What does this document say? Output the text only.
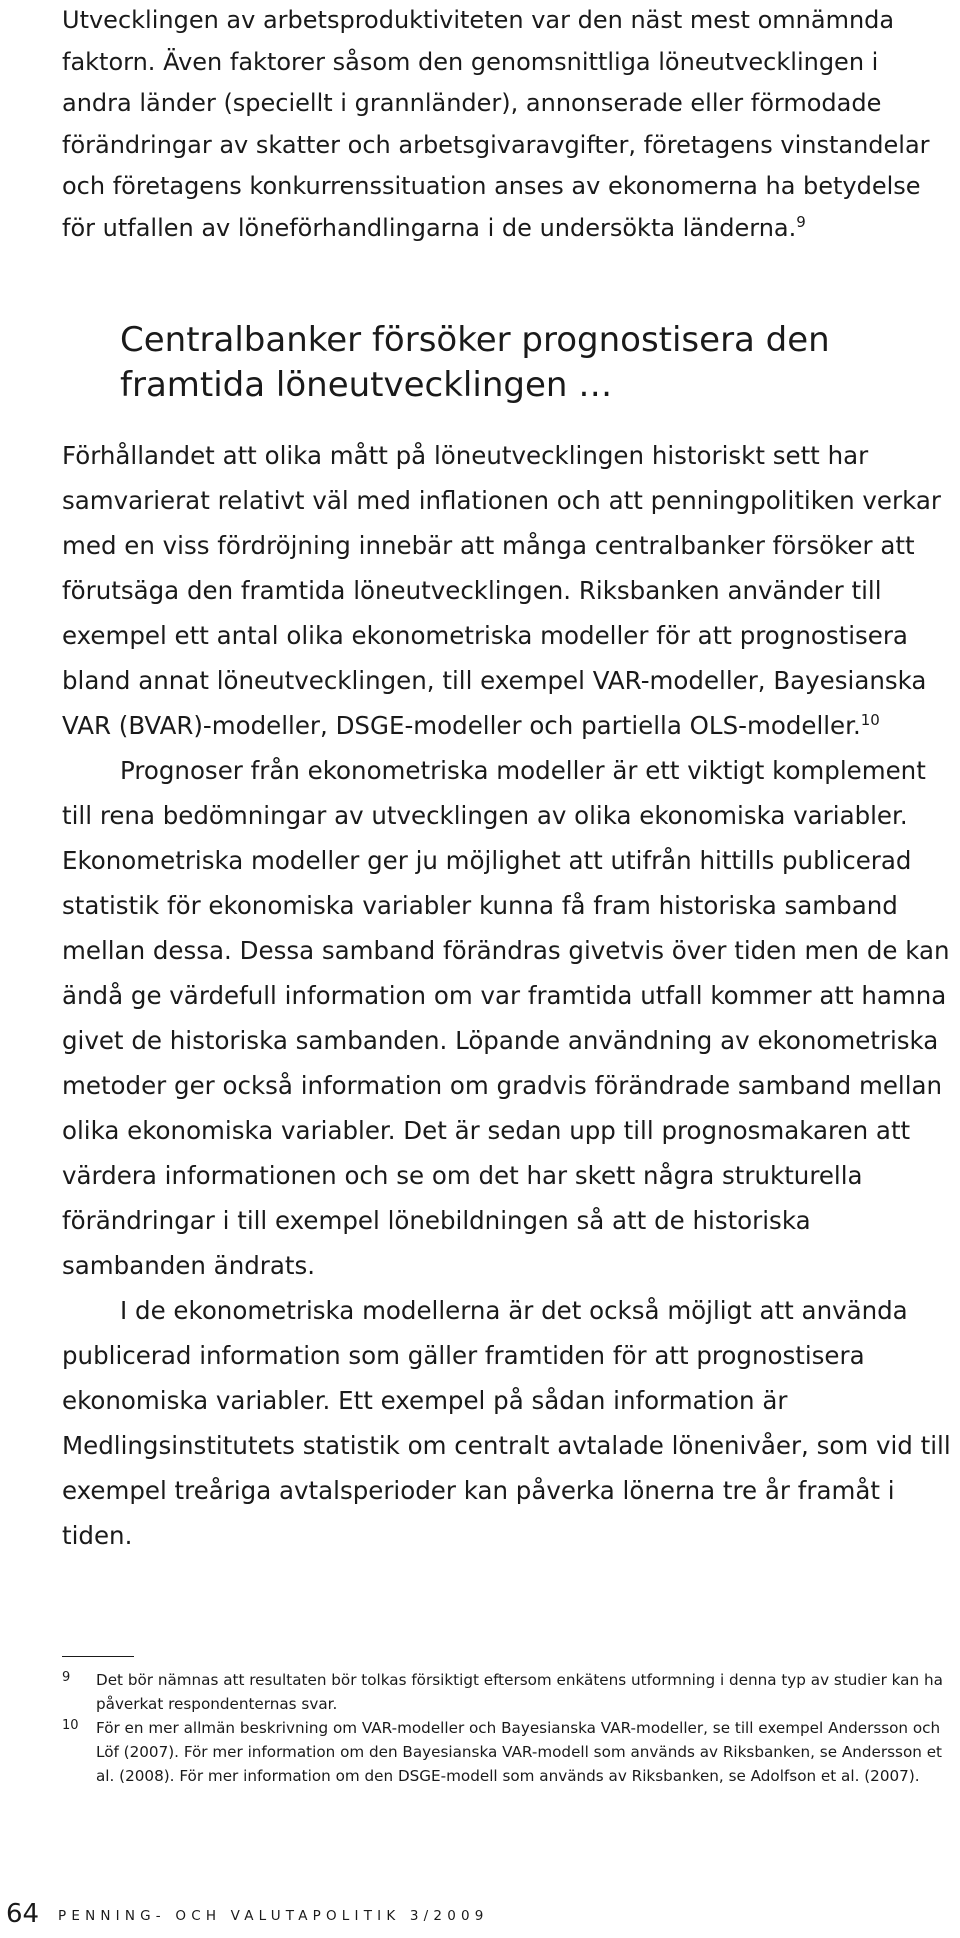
Utvecklingen av arbetsproduktiviteten var den näst mest omnämnda faktorn. Även faktorer såsom den genomsnittliga löneutvecklingen i andra länder (speciellt i grannländer), annonserade eller förmodade förändringar av skatter och arbetsgivaravgifter, företagens vinstandelar och företagens konkurrenssituation anses av ekonomerna ha betydelse för utfallen av löneförhandlingarna i de undersökta länderna.$^9$

Centralbanker försöker prognostisera den framtida löneutvecklingen …

Förhållandet att olika mått på löneutvecklingen historiskt sett har samvarierat relativt väl med inflationen och att penningpolitiken verkar med en viss fördröjning innebär att många centralbanker försöker att förutsäga den framtida löneutvecklingen. Riksbanken använder till exempel ett antal olika ekonometriska modeller för att prognostisera bland annat löneutvecklingen, till exempel VAR-modeller, Bayesianska VAR (BVAR)-modeller, DSGE-modeller och partiella OLS-modeller.$^{10}$

Prognoser från ekonometriska modeller är ett viktigt komplement till rena bedömningar av utvecklingen av olika ekonomiska variabler. Ekonometriska modeller ger ju möjlighet att utifrån hittills publicerad statistik för ekonomiska variabler kunna få fram historiska samband mellan dessa. Dessa samband förändras givetvis över tiden men de kan ändå ge värdefull information om var framtida utfall kommer att hamna givet de historiska sambanden. Löpande användning av ekonometriska metoder ger också information om gradvis förändrade samband mellan olika ekonomiska variabler. Det är sedan upp till prognosmakaren att värdera informationen och se om det har skett några strukturella förändringar i till exempel lönebildningen så att de historiska sambanden ändrats.

I de ekonometriska modellerna är det också möjligt att använda publicerad information som gäller framtiden för att prognostisera ekonomiska variabler. Ett exempel på sådan information är Medlingsinstitutets statistik om centralt avtalade lönenivåer, som vid till exempel treåriga avtalsperioder kan påverka lönerna tre år framåt i tiden.

9	Det bör nämnas att resultaten bör tolkas försiktigt eftersom enkätens utformning i denna typ av studier kan ha påverkat respondenternas svar.
10	För en mer allmän beskrivning om VAR-modeller och Bayesianska VAR-modeller, se till exempel Andersson och Löf (2007). För mer information om den Bayesianska VAR-modell som används av Riksbanken, se Andersson et al. (2008). För mer information om den DSGE-modell som används av Riksbanken, se Adolfson et al. (2007).
64 PENNING- OCH VALUTAPOLITIK 3/2009
